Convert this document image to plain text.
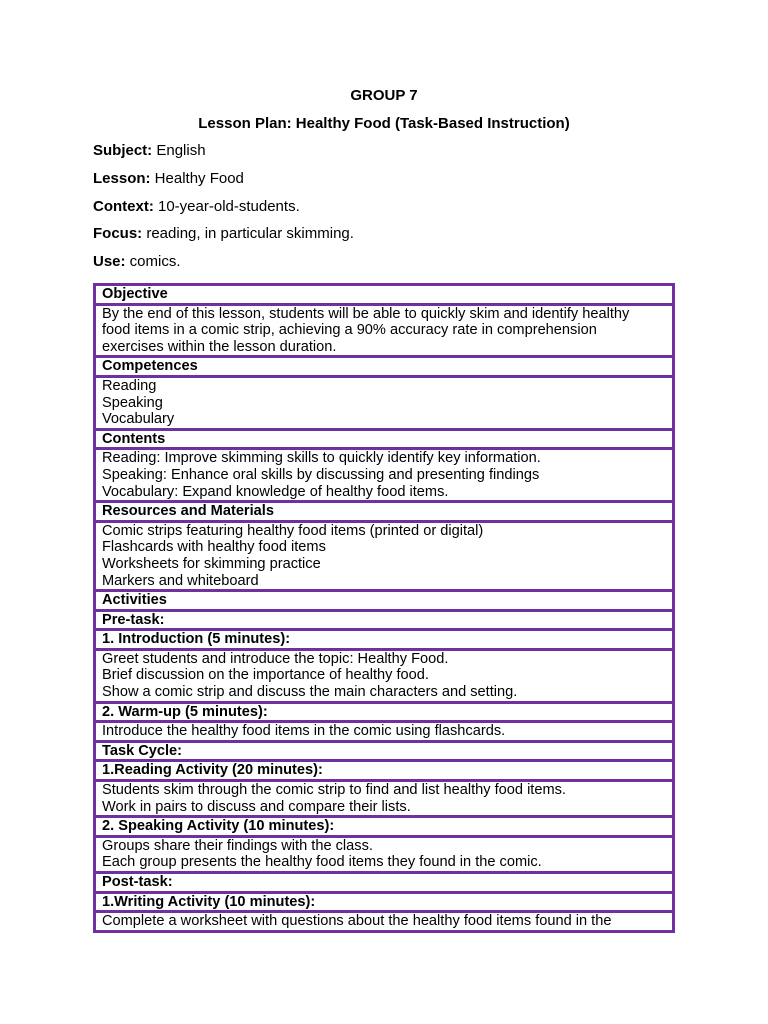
GROUP 7
Lesson Plan: Healthy Food (Task-Based Instruction)
Subject: English
Lesson: Healthy Food
Context: 10-year-old-students.
Focus: reading, in particular skimming.
Use: comics.
Objective

By the end of this lesson, students will be able to quickly skim and identify healthy
food items in a comic strip, achieving a 90% accuracy rate in comprehension
exercises within the lesson duration.

Competences

Reading
Speaking
Vocabulary

Contents

Reading: Improve skimming skills to quickly identify key information.
Speaking: Enhance oral skills by discussing and presenting findings
Vocabulary: Expand knowledge of healthy food items.

Resources and Materials

Comic strips featuring healthy food items (printed or digital)
Flashcards with healthy food items
Worksheets for skimming practice
Markers and whiteboard

Activities
Pre-task:
1. Introduction (5 minutes):

Greet students and introduce the topic: Healthy Food.
Brief discussion on the importance of healthy food.
Show a comic strip and discuss the main characters and setting.

2. Warm-up (5 minutes):

Introduce the healthy food items in the comic using flashcards.

Task Cycle:
1.Reading Activity (20 minutes):

Students skim through the comic strip to find and list healthy food items.
Work in pairs to discuss and compare their lists.

2. Speaking Activity (10 minutes):

Groups share their findings with the class.
Each group presents the healthy food items they found in the comic.

Post-task:
1.Writing Activity (10 minutes):

Complete a worksheet with questions about the healthy food items found in the
